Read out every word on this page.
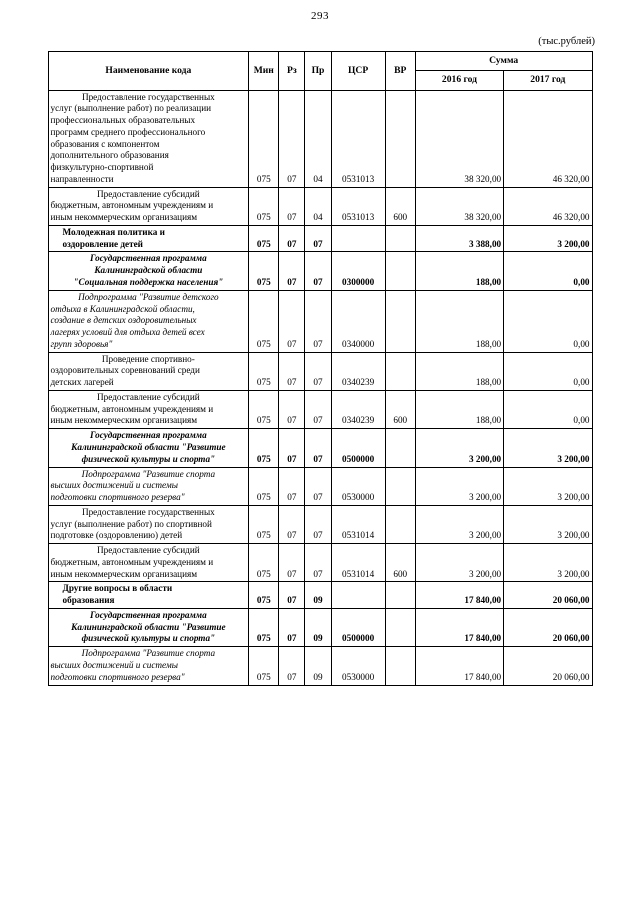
293
(тыс.рублей)
Наименование кода	Мин	Рз	Пр	ЦСР	ВР	Сумма	
						2016 год	2017 год

Предоставление государственных
услуг (выполнение работ) по реализации
профессиональных образовательных
программ среднего профессионального
образования с компонентом
дополнительного образования
физкультурно-спортивной
направленности	075	07	04	0531013		38 320,00	46 320,00

Предоставление субсидий
бюджетным, автономным учреждениям и
иным некоммерческим организациям	075	07	04	0531013	600	38 320,00	46 320,00

Молодежная политика и
оздоровление детей	075	07	07			3 388,00	3 200,00

Государственная программа
Калининградской области
"Социальная поддержка населения"	075	07	07	0300000		188,00	0,00

Подпрограмма "Развитие детского
отдыха в Калининградской области,
создание в детских оздоровительных
лагерях условий для отдыха детей всех
групп здоровья"	075	07	07	0340000		188,00	0,00

Проведение спортивно-
оздоровительных соревнований среди
детских лагерей	075	07	07	0340239		188,00	0,00

Предоставление субсидий
бюджетным, автономным учреждениям и
иным некоммерческим организациям	075	07	07	0340239	600	188,00	0,00

Государственная программа
Калининградской области "Развитие
физической культуры и спорта"	075	07	07	0500000		3 200,00	3 200,00

Подпрограмма "Развитие спорта
высших достижений и системы
подготовки спортивного резерва"	075	07	07	0530000		3 200,00	3 200,00

Предоставление государственных
услуг (выполнение работ) по спортивной
подготовке (оздоровлению) детей	075	07	07	0531014		3 200,00	3 200,00

Предоставление субсидий
бюджетным, автономным учреждениям и
иным некоммерческим организациям	075	07	07	0531014	600	3 200,00	3 200,00

Другие вопросы в области
образования	075	07	09			17 840,00	20 060,00

Государственная программа
Калининградской области "Развитие
физической культуры и спорта"	075	07	09	0500000		17 840,00	20 060,00

Подпрограмма "Развитие спорта
высших достижений и системы
подготовки спортивного резерва"	075	07	09	0530000		17 840,00	20 060,00
